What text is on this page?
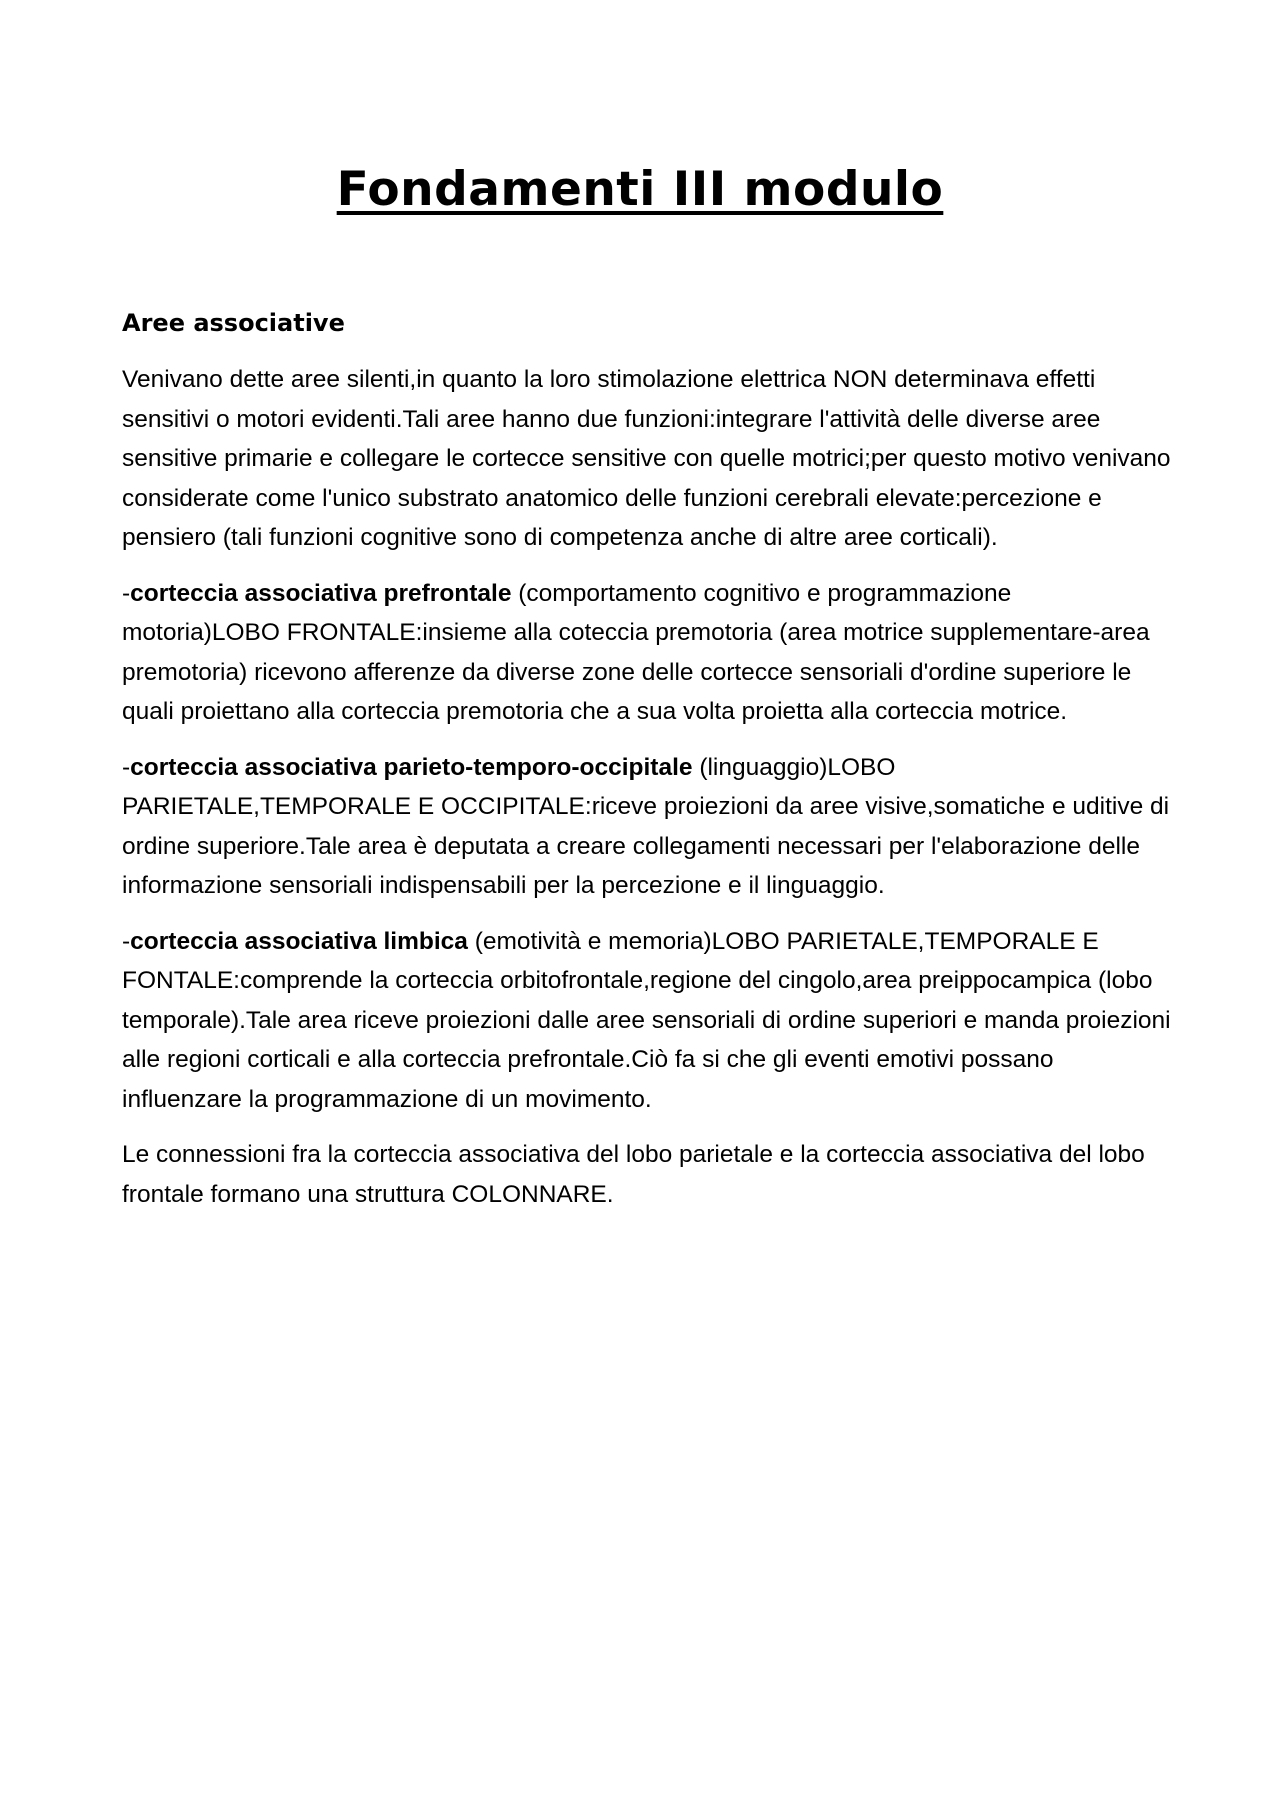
Fondamenti III modulo
Aree associative

Venivano dette aree silenti,in quanto la loro stimolazione elettrica NON determinava effetti sensitivi o motori evidenti.Tali aree hanno due funzioni:integrare l'attività delle diverse aree sensitive primarie e collegare le cortecce sensitive con quelle motrici;per questo motivo venivano considerate come l'unico substrato anatomico delle funzioni cerebrali elevate:percezione e pensiero (tali funzioni cognitive sono di competenza anche di altre aree corticali).

-corteccia associativa prefrontale (comportamento cognitivo e programmazione motoria)LOBO FRONTALE:insieme alla coteccia premotoria (area motrice supplementare-area premotoria) ricevono afferenze da diverse zone delle cortecce sensoriali d'ordine superiore le quali proiettano alla corteccia premotoria che a sua volta proietta alla corteccia motrice.

-corteccia associativa parieto-temporo-occipitale (linguaggio)LOBO PARIETALE,TEMPORALE E OCCIPITALE:riceve proiezioni da aree visive,somatiche e uditive di ordine superiore.Tale area è deputata a creare collegamenti necessari per l'elaborazione delle informazione sensoriali indispensabili per la percezione e il linguaggio.

-corteccia associativa limbica (emotività e memoria)LOBO PARIETALE,TEMPORALE E FONTALE:comprende la corteccia orbitofrontale,regione del cingolo,area preippocampica (lobo temporale).Tale area riceve proiezioni dalle aree sensoriali di ordine superiori e manda proiezioni alle regioni corticali e alla corteccia prefrontale.Ciò fa si che gli eventi emotivi possano influenzare la programmazione di un movimento.

Le connessioni fra la corteccia associativa del lobo parietale e la corteccia associativa del lobo frontale formano una struttura COLONNARE.
